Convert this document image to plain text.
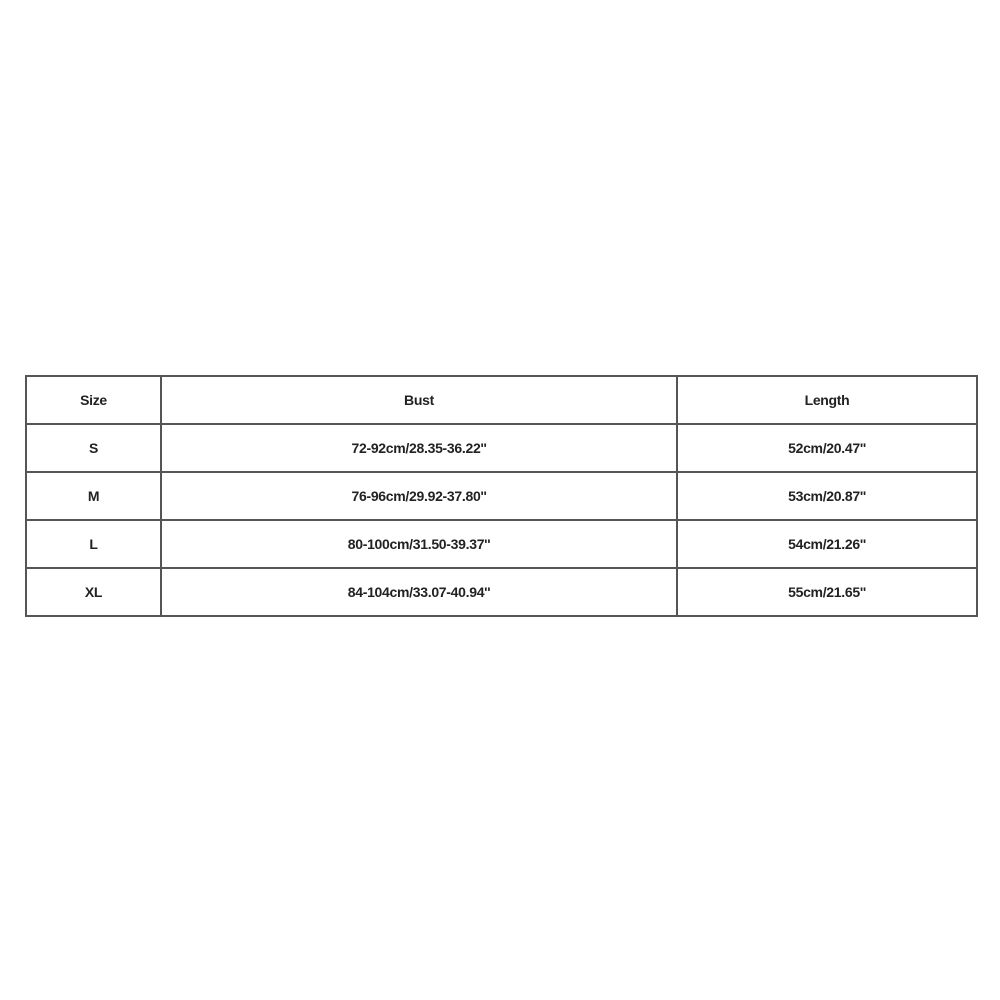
Size	Bust	Length
S	72-92cm/28.35-36.22''	52cm/20.47''
M	76-96cm/29.92-37.80''	53cm/20.87''
L	80-100cm/31.50-39.37''	54cm/21.26''
XL	84-104cm/33.07-40.94''	55cm/21.65''
